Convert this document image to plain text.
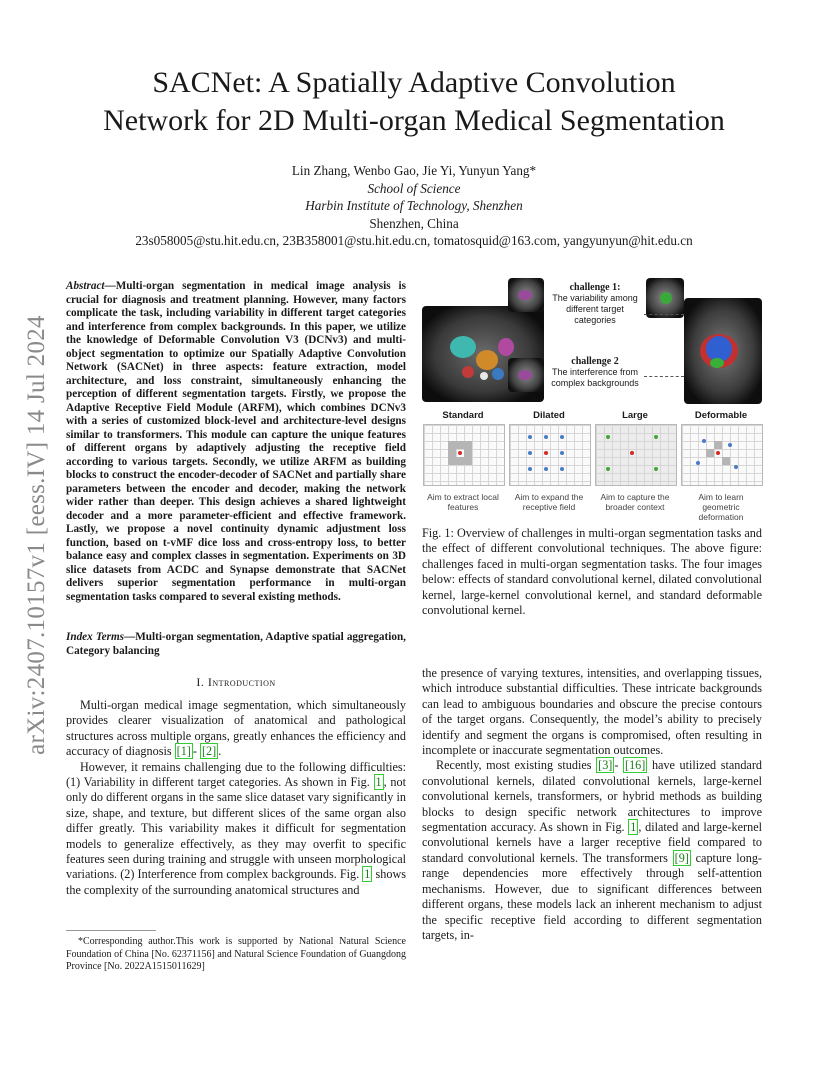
arXiv:2407.10157v1 [eess.IV] 14 Jul 2024
SACNet: A Spatially Adaptive Convolution
Network for 2D Multi-organ Medical Segmentation
Lin Zhang, Wenbo Gao, Jie Yi, Yunyun Yang*
School of Science
Harbin Institute of Technology, Shenzhen
Shenzhen, China
23s058005@stu.hit.edu.cn, 23B358001@stu.hit.edu.cn, tomatosquid@163.com, yangyunyun@hit.edu.cn
Abstract—Multi-organ segmentation in medical image analysis is crucial for diagnosis and treatment planning. However, many factors complicate the task, including variability in different target categories and interference from complex backgrounds. In this paper, we utilize the knowledge of Deformable Convolution V3 (DCNv3) and multi-object segmentation to optimize our Spatially Adaptive Convolution Network (SACNet) in three aspects: feature extraction, model architecture, and loss constraint, simultaneously enhancing the perception of different segmentation targets. Firstly, we propose the Adaptive Receptive Field Module (ARFM), which combines DCNv3 with a series of customized block-level and architecture-level designs similar to transformers. This module can capture the unique features of different organs by adaptively adjusting the receptive field according to various targets. Secondly, we utilize ARFM as building blocks to construct the encoder-decoder of SACNet and partially share parameters between the encoder and decoder, making the network wider rather than deeper. This design achieves a shared lightweight decoder and a more parameter-efficient and effective framework. Lastly, we propose a novel continuity dynamic adjustment loss function, based on t-vMF dice loss and cross-entropy loss, to better balance easy and complex classes in segmentation. Experiments on 3D slice datasets from ACDC and Synapse demonstrate that SACNet delivers superior segmentation performance in multi-organ segmentation tasks compared to several existing methods.
Index Terms—Multi-organ segmentation, Adaptive spatial aggregation, Category balancing
I. Introduction

Multi-organ medical image segmentation, which simultaneously provides clearer visualization of anatomical and pathological structures across multiple organs, greatly enhances the efficiency and accuracy of diagnosis [1] - [2] .

However, it remains challenging due to the following difficulties: (1) Variability in different target categories. As shown in Fig. 1 , not only do different organs in the same slice dataset vary significantly in size, shape, and texture, but different slices of the same organ also differ greatly. This variability makes it difficult for segmentation models to generalize effectively, as they may overfit to specific features seen during training and struggle with unseen morphological variations. (2) Interference from complex backgrounds. Fig. 1 shows the complexity of the surrounding anatomical structures and

*Corresponding author.This work is supported by National Natural Science Foundation of China [No. 62371156] and Natural Science Foundation of Guangdong Province [No. 2022A1515011629]

challenge 1:
The variability among different target categories
challenge 2
The interference from complex backgrounds
Standard
Aim to extract local features
Dilated
Aim to expand the receptive field
Large
Aim to capture the broader context
Deformable
Aim to learn geometric deformation
Fig. 1: Overview of challenges in multi-organ segmentation tasks and the effect of different convolutional techniques. The above figure: challenges faced in multi-organ segmentation tasks. The four images below: effects of standard convolutional kernel, dilated convolutional kernel, large-kernel convolutional kernel, and standard deformable convolutional kernel.

the presence of varying textures, intensities, and overlapping tissues, which introduce substantial difficulties. These intricate backgrounds can lead to ambiguous boundaries and obscure the precise contours of the target organs. Consequently, the model’s ability to precisely identify and segment the organs is compromised, often resulting in incomplete or inaccurate segmentation outcomes.

Recently, most existing studies [3] - [16] have utilized standard convolutional kernels, dilated convolutional kernels, large-kernel convolutional kernels, transformers, or hybrid methods as building blocks to design specific network architectures to improve segmentation accuracy. As shown in Fig. 1 , dilated and large-kernel convolutional kernels have a larger receptive field compared to standard convolutional kernels. The transformers [9] capture long-range dependencies more effectively through self-attention mechanisms. However, due to significant differences between different organs, these models lack an inherent mechanism to adjust the specific receptive field according to different segmentation targets, in-
